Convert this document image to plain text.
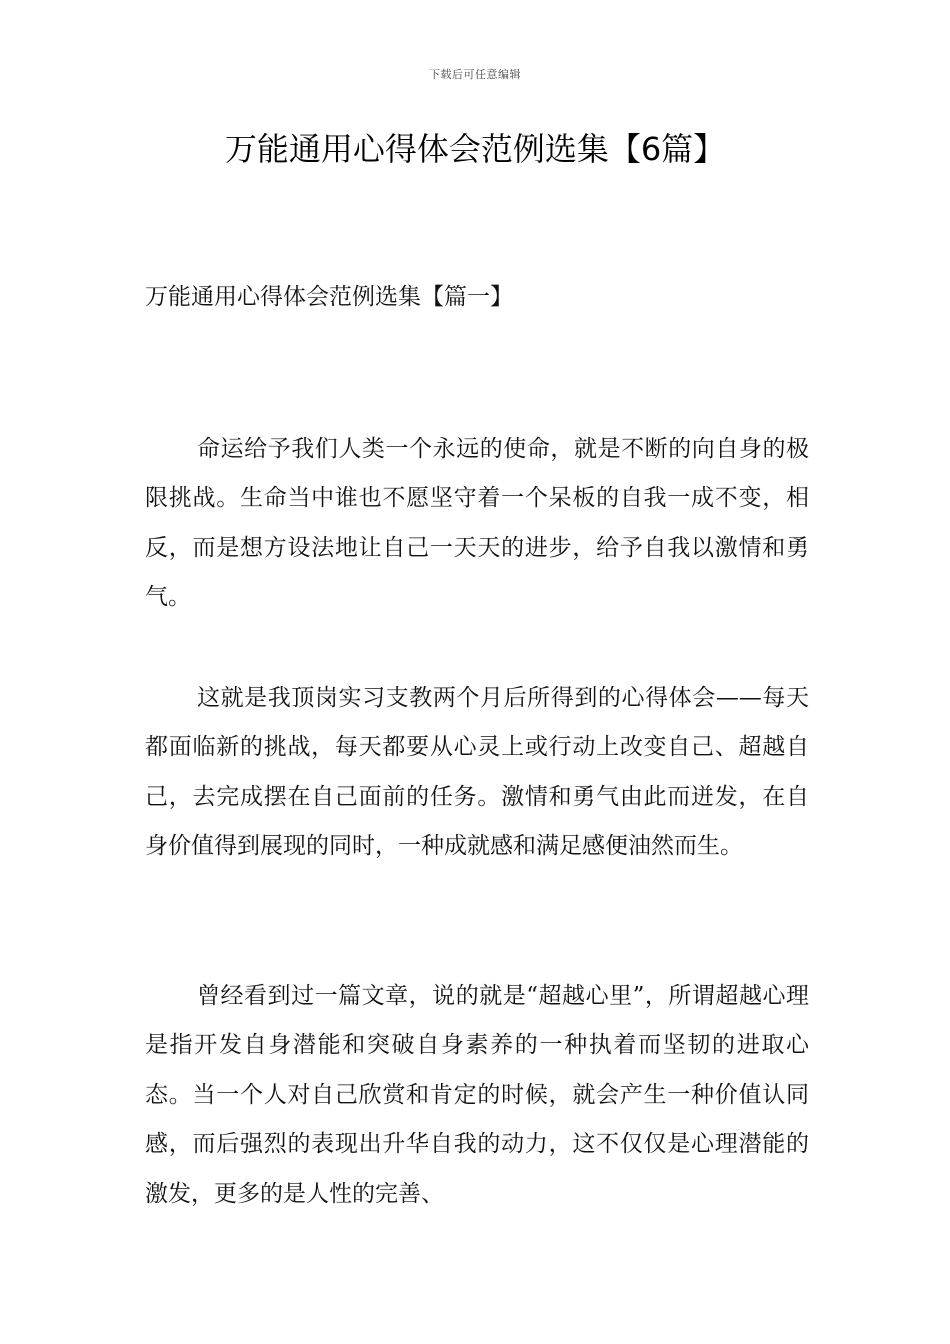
下载后可任意编辑
万能通用心得体会范例选集【6篇】
万能通用心得体会范例选集【篇一】

命运给予我们人类一个永远的使命，就是不断的向自身的极限挑战。生命当中谁也不愿坚守着一个呆板的自我一成不变，相反，而是想方设法地让自己一天天的进步，给予自我以激情和勇气。

这就是我顶岗实习支教两个月后所得到的心得体会——每天都面临新的挑战，每天都要从心灵上或行动上改变自己、超越自己，去完成摆在自己面前的任务。激情和勇气由此而迸发，在自身价值得到展现的同时，一种成就感和满足感便油然而生。

曾经看到过一篇文章，说的就是“超越心里”，所谓超越心理是指开发自身潜能和突破自身素养的一种执着而坚韧的进取心态。当一个人对自己欣赏和肯定的时候，就会产生一种价值认同感，而后强烈的表现出升华自我的动力，这不仅仅是心理潜能的激发，更多的是人性的完善、
